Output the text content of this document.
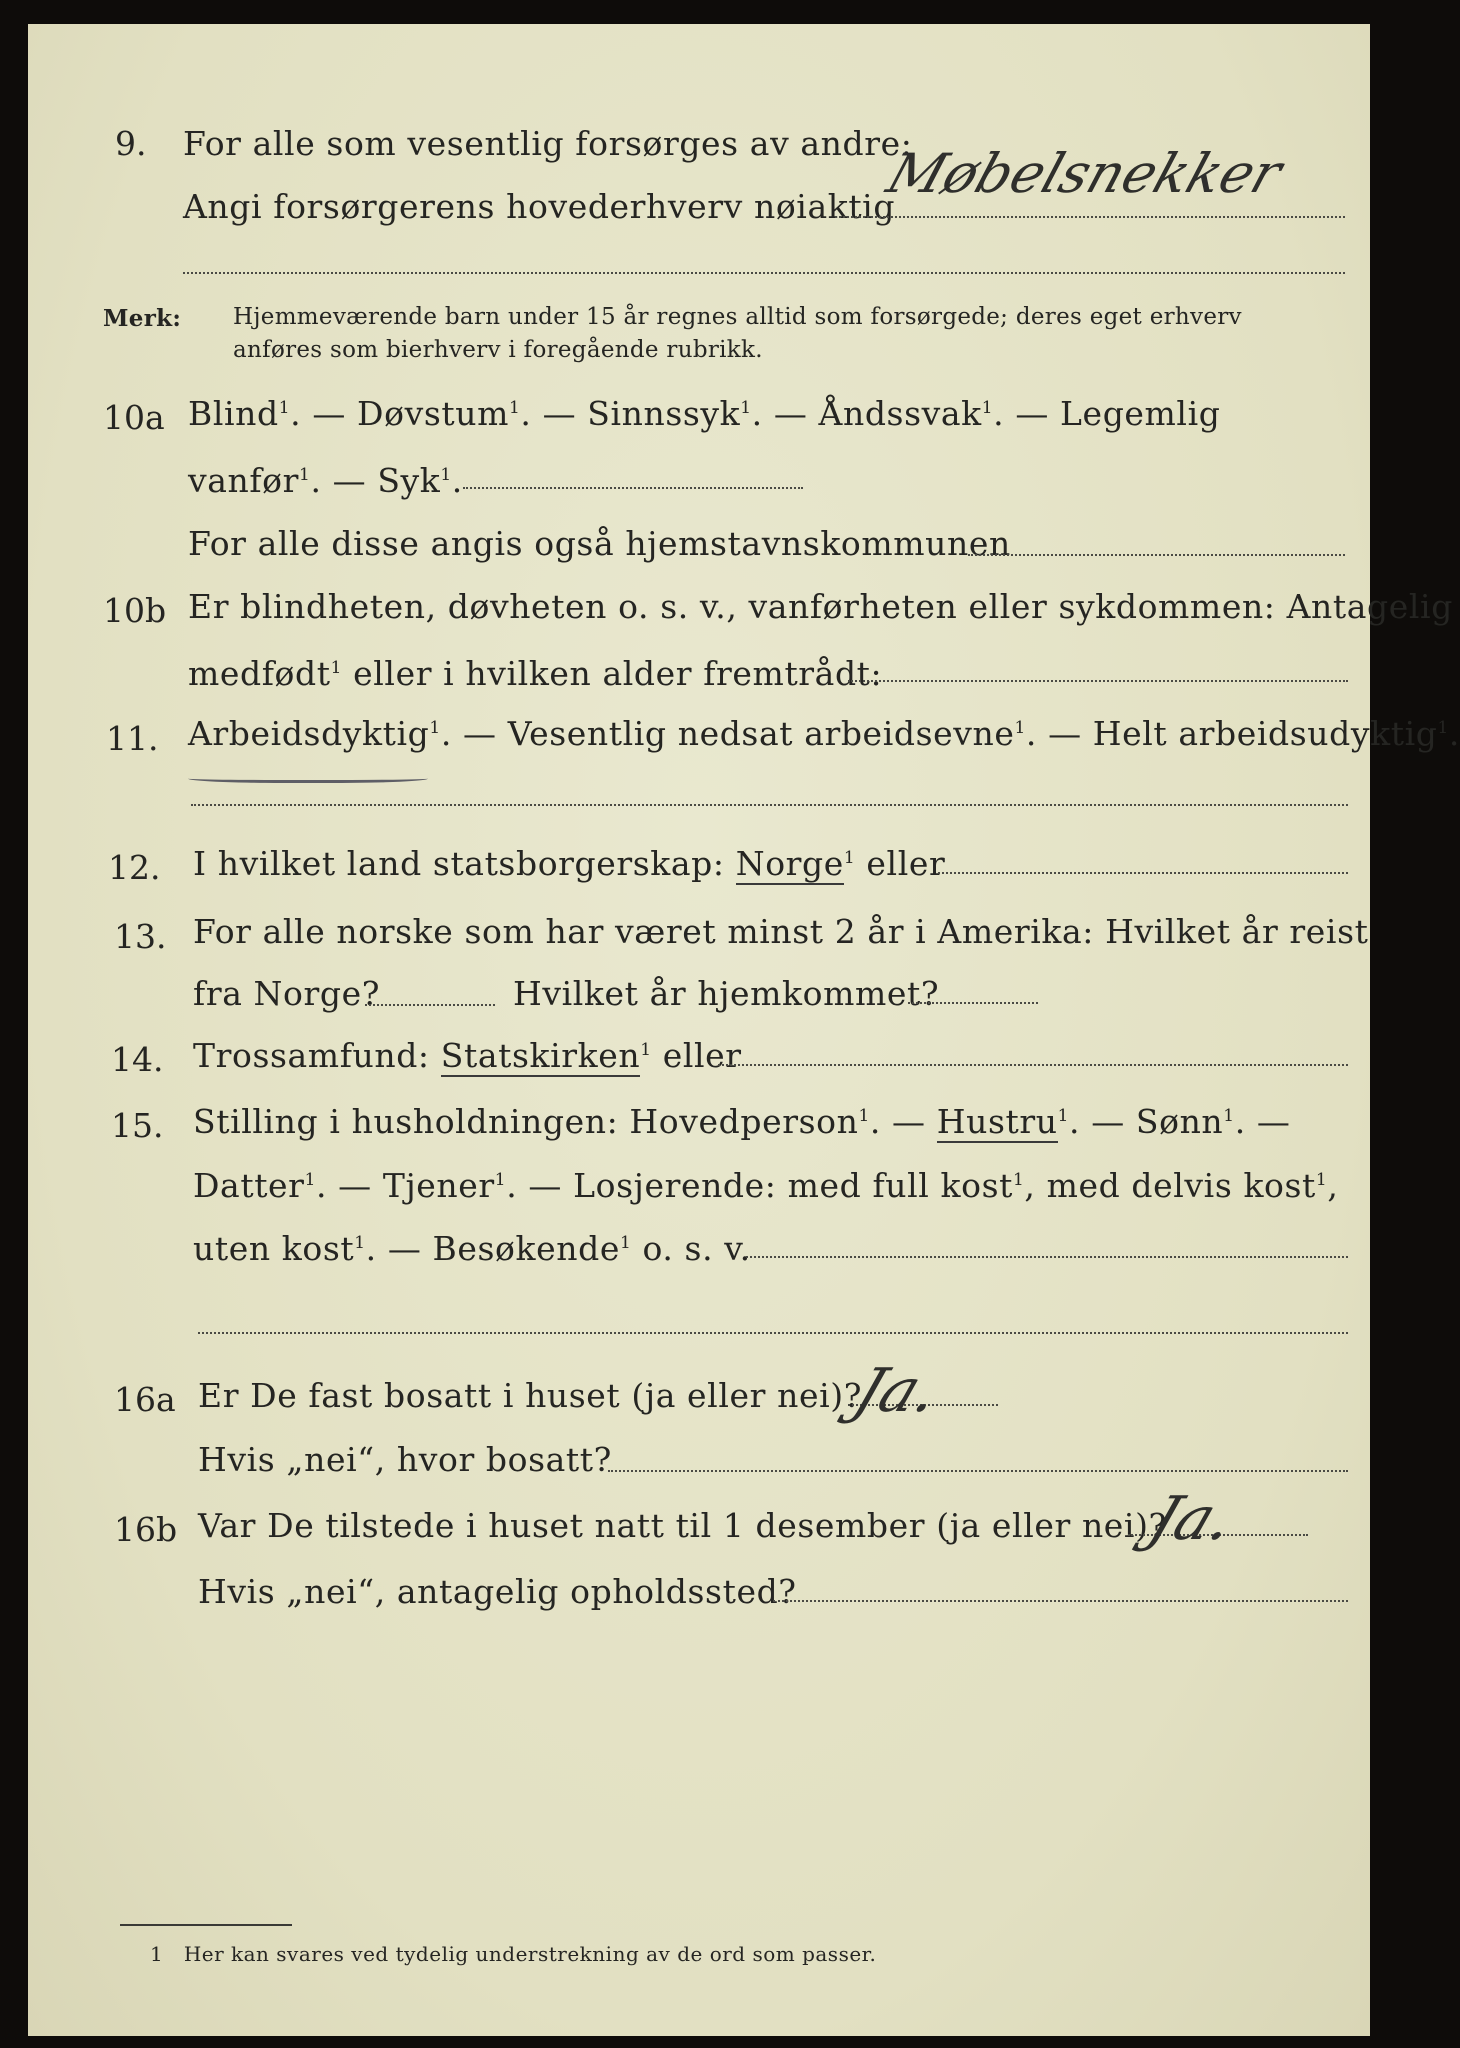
9. For alle som vesentlig forsørges av andre:
Angi forsørgerens hovederhverv nøiaktig
Møbelsnekker
Merk: Hjemmeværende barn under 15 år regnes alltid som forsørgede; deres eget erhverv
anføres som bierhverv i foregående rubrikk.
10a Blind$^1$. — Døvstum$^1$. — Sinnssyk$^1$. — Åndssvak$^1$. — Legemlig
vanfør$^1$. — Syk$^1$.
For alle disse angis også hjemstavnskommunen
10b Er blindheten, døvheten o. s. v., vanførheten eller sykdommen: Antagelig
medfødt$^1$ eller i hvilken alder fremtrådt:
11. Arbeidsdyktig$^1$. — Vesentlig nedsat arbeidsevne$^1$. — Helt arbeidsudyktig$^1$.
12. I hvilket land statsborgerskap: Norge$^1$ eller
13. For alle norske som har været minst 2 år i Amerika: Hvilket år reist
fra Norge?	Hvilket år hjemkommet?
14. Trossamfund: Statskirken$^1$ eller
15. Stilling i husholdningen: Hovedperson$^1$. — Hustru$^1$. — Sønn$^1$. —
Datter$^1$. — Tjener$^1$. — Losjerende: med full kost$^1$, med delvis kost$^1$,
uten kost$^1$. — Besøkende$^1$ o. s. v.
16a Er De fast bosatt i huset (ja eller nei)?
Ja.
Hvis „nei“, hvor bosatt?
16b Var De tilstede i huset natt til 1 desember (ja eller nei)?
Ja.
Hvis „nei“, antagelig opholdssted?
1 Her kan svares ved tydelig understrekning av de ord som passer.
